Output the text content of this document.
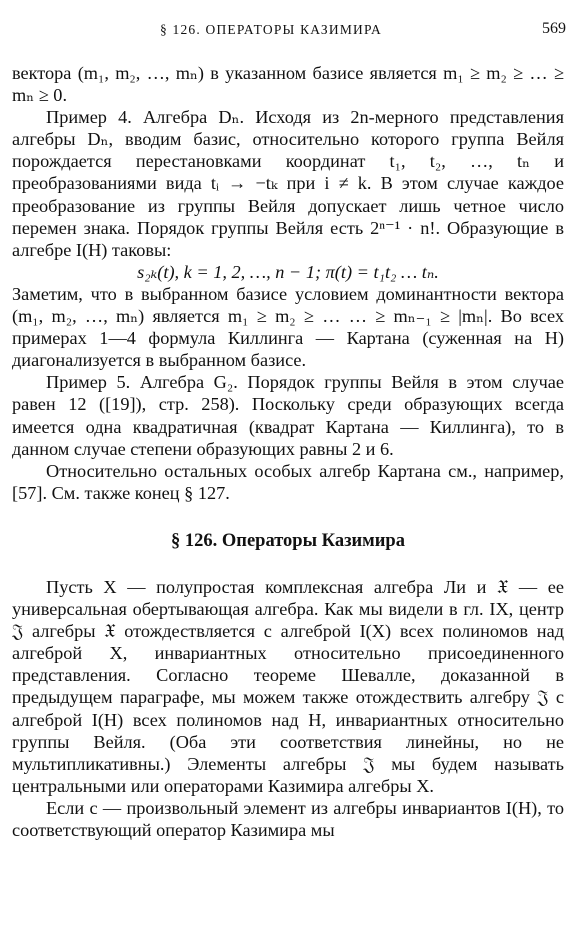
§ 126. ОПЕРАТОРЫ КАЗИМИРА	569

вектора (m₁, m₂, …, mₙ) в указанном базисе является m₁ ≥ m₂ ≥ … ≥ mₙ ≥ 0.

Пример 4. Алгебра Dₙ. Исходя из 2n-мерного представления алгебры Dₙ, вводим базис, относительно которого группа Вейля порождается перестановками координат t₁, t₂, …, tₙ и преобразованиями вида tᵢ → −tₖ при i ≠ k. В этом случае каждое преобразование из группы Вейля допускает лишь четное число перемен знака. Порядок группы Вейля есть 2ⁿ⁻¹ · n!. Образующие в алгебре I(H) таковы:

s₂ₖ(t), k = 1, 2, …, n − 1; π(t) = t₁t₂ … tₙ.

Заметим, что в выбранном базисе условием доминантности вектора (m₁, m₂, …, mₙ) является m₁ ≥ m₂ ≥ … … ≥ mₙ₋₁ ≥ |mₙ|. Во всех примерах 1—4 формула Киллинга — Картана (суженная на H) диагонализуется в выбранном базисе.

Пример 5. Алгебра G₂. Порядок группы Вейля в этом случае равен 12 ([19]), стр. 258). Поскольку среди образующих всегда имеется одна квадратичная (квадрат Картана — Киллинга), то в данном случае степени образующих равны 2 и 6.

Относительно остальных особых алгебр Картана см., например, [57]. См. также конец § 127.

§ 126. Операторы Казимира

Пусть X — полупростая комплексная алгебра Ли и 𝔛 — ее универсальная обертывающая алгебра. Как мы видели в гл. IX, центр 𝔍 алгебры 𝔛 отождествляется с алгеброй I(X) всех полиномов над алгеброй X, инвариантных относительно присоединенного представления. Согласно теореме Шевалле, доказанной в предыдущем параграфе, мы можем также отождествить алгебру 𝔍 с алгеброй I(H) всех полиномов над H, инвариантных относительно группы Вейля. (Оба эти соответствия линейны, но не мультипликативны.) Элементы алгебры 𝔍 мы будем называть центральными или операторами Казимира алгебры X.

Если c — произвольный элемент из алгебры инвариантов I(H), то соответствующий оператор Казимира мы
